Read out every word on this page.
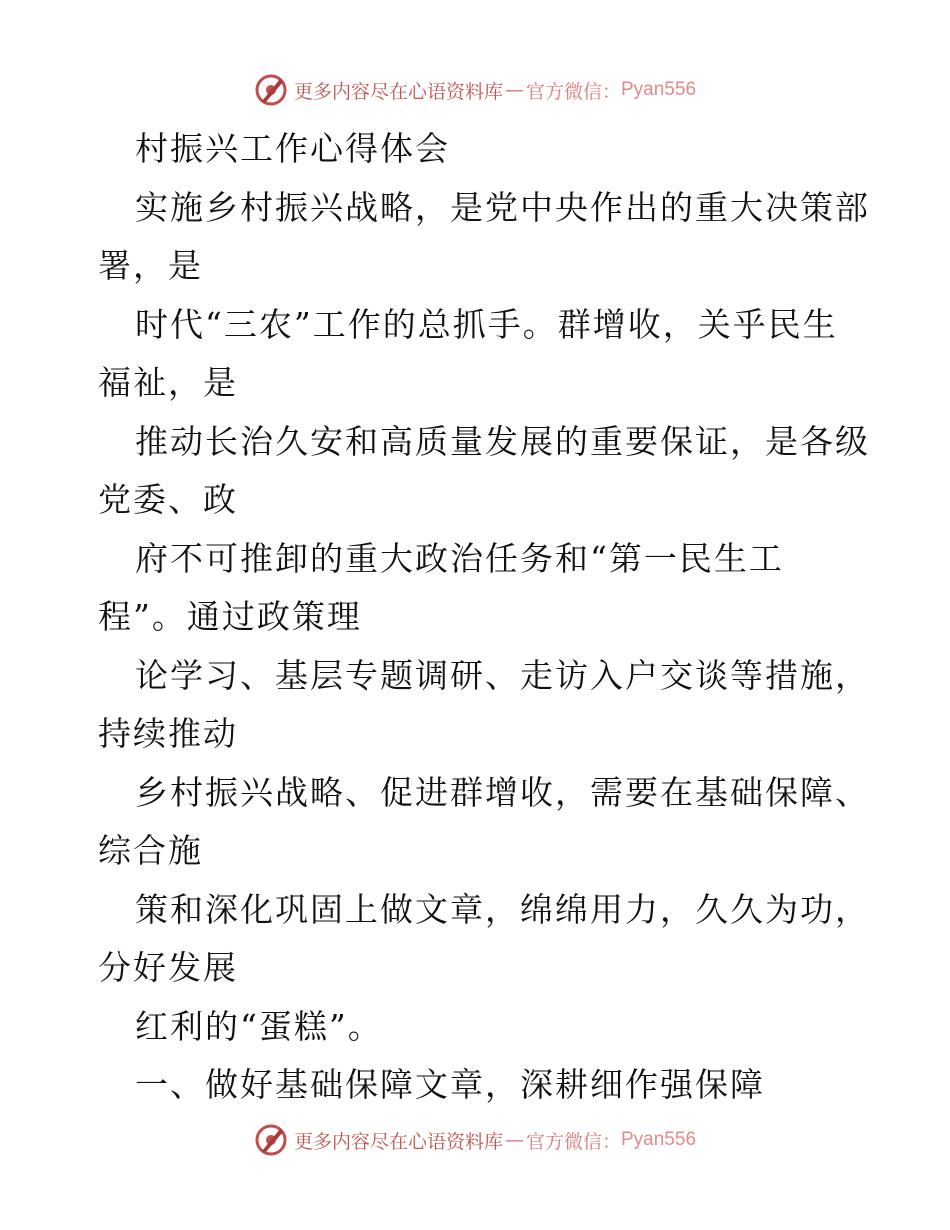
更多内容尽在心语资料库 — 官方微信： Pyan556
村振兴工作心得体会
实施乡村振兴战略，是党中央作出的重大决策部
署，是
时代“三农”工作的总抓手。群增收，关乎民生
福祉，是
推动长治久安和高质量发展的重要保证，是各级
党委、政
府不可推卸的重大政治任务和“第一民生工
程”。通过政策理
论学习、基层专题调研、走访入户交谈等措施，
持续推动
乡村振兴战略、促进群增收，需要在基础保障、
综合施
策和深化巩固上做文章，绵绵用力，久久为功，
分好发展
红利的“蛋糕”。
一、做好基础保障文章，深耕细作强保障
更多内容尽在心语资料库 — 官方微信： Pyan556
